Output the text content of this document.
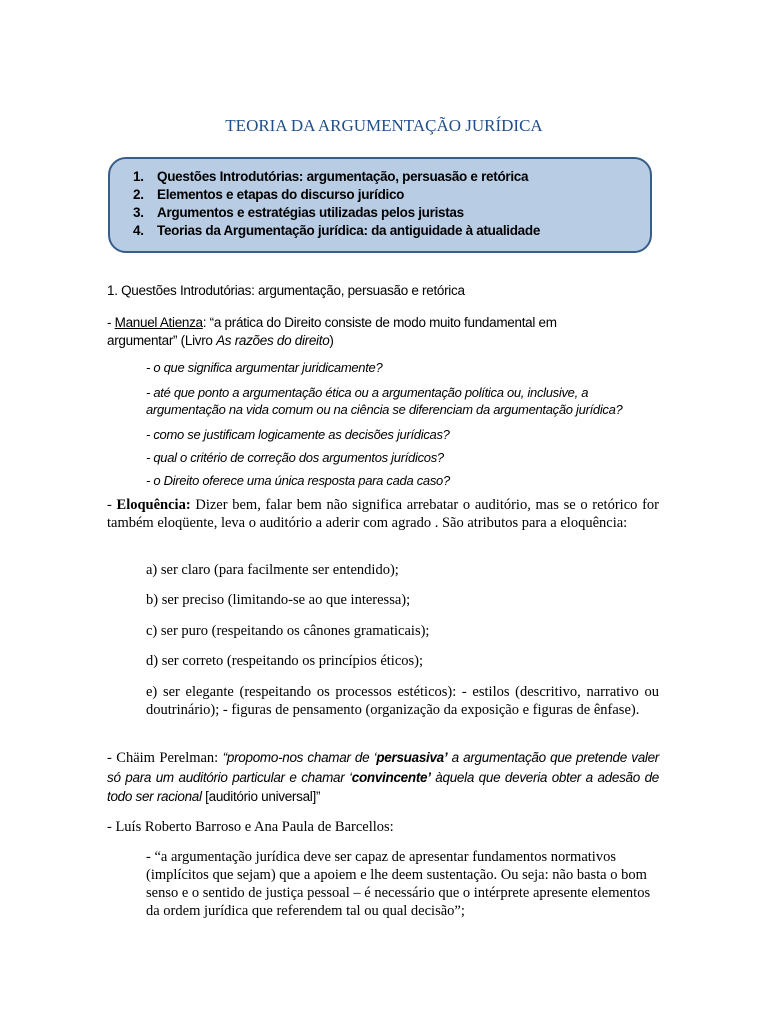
TEORIA DA ARGUMENTAÇÃO JURÍDICA
1. Questões Introdutórias: argumentação, persuasão e retórica
2. Elementos e etapas do discurso jurídico
3. Argumentos e estratégias utilizadas pelos juristas
4. Teorias da Argumentação jurídica: da antiguidade à atualidade
1. Questões Introdutórias: argumentação, persuasão e retórica
- Manuel Atienza: “a prática do Direito consiste de modo muito fundamental em
argumentar” (Livro As razões do direito)
- o que significa argumentar juridicamente?
- até que ponto a argumentação ética ou a argumentação política ou, inclusive, a
argumentação na vida comum ou na ciência se diferenciam da argumentação jurídica?
- como se justificam logicamente as decisões jurídicas?
- qual o critério de correção dos argumentos jurídicos?
- o Direito oferece uma única resposta para cada caso?
- Eloquência: Dizer bem, falar bem não significa arrebatar o auditório, mas se o retórico for também eloqüente, leva o auditório a aderir com agrado . São atributos para a eloquência:
a) ser claro (para facilmente ser entendido);
b) ser preciso (limitando-se ao que interessa);
c) ser puro (respeitando os cânones gramaticais);
d) ser correto (respeitando os princípios éticos);
e) ser elegante (respeitando os processos estéticos): - estilos (descritivo, narrativo ou doutrinário); - figuras de pensamento (organização da exposição e figuras de ênfase).
- Chäim Perelman: “propomo-nos chamar de ‘persuasiva’ a argumentação que pretende valer só para um auditório particular e chamar ‘convincente’ àquela que deveria obter a adesão de todo ser racional [auditório universal]”
- Luís Roberto Barroso e Ana Paula de Barcellos:
- “a argumentação jurídica deve ser capaz de apresentar fundamentos normativos (implícitos que sejam) que a apoiem e lhe deem sustentação. Ou seja: não basta o bom senso e o sentido de justiça pessoal – é necessário que o intérprete apresente elementos da ordem jurídica que referendem tal ou qual decisão”;
